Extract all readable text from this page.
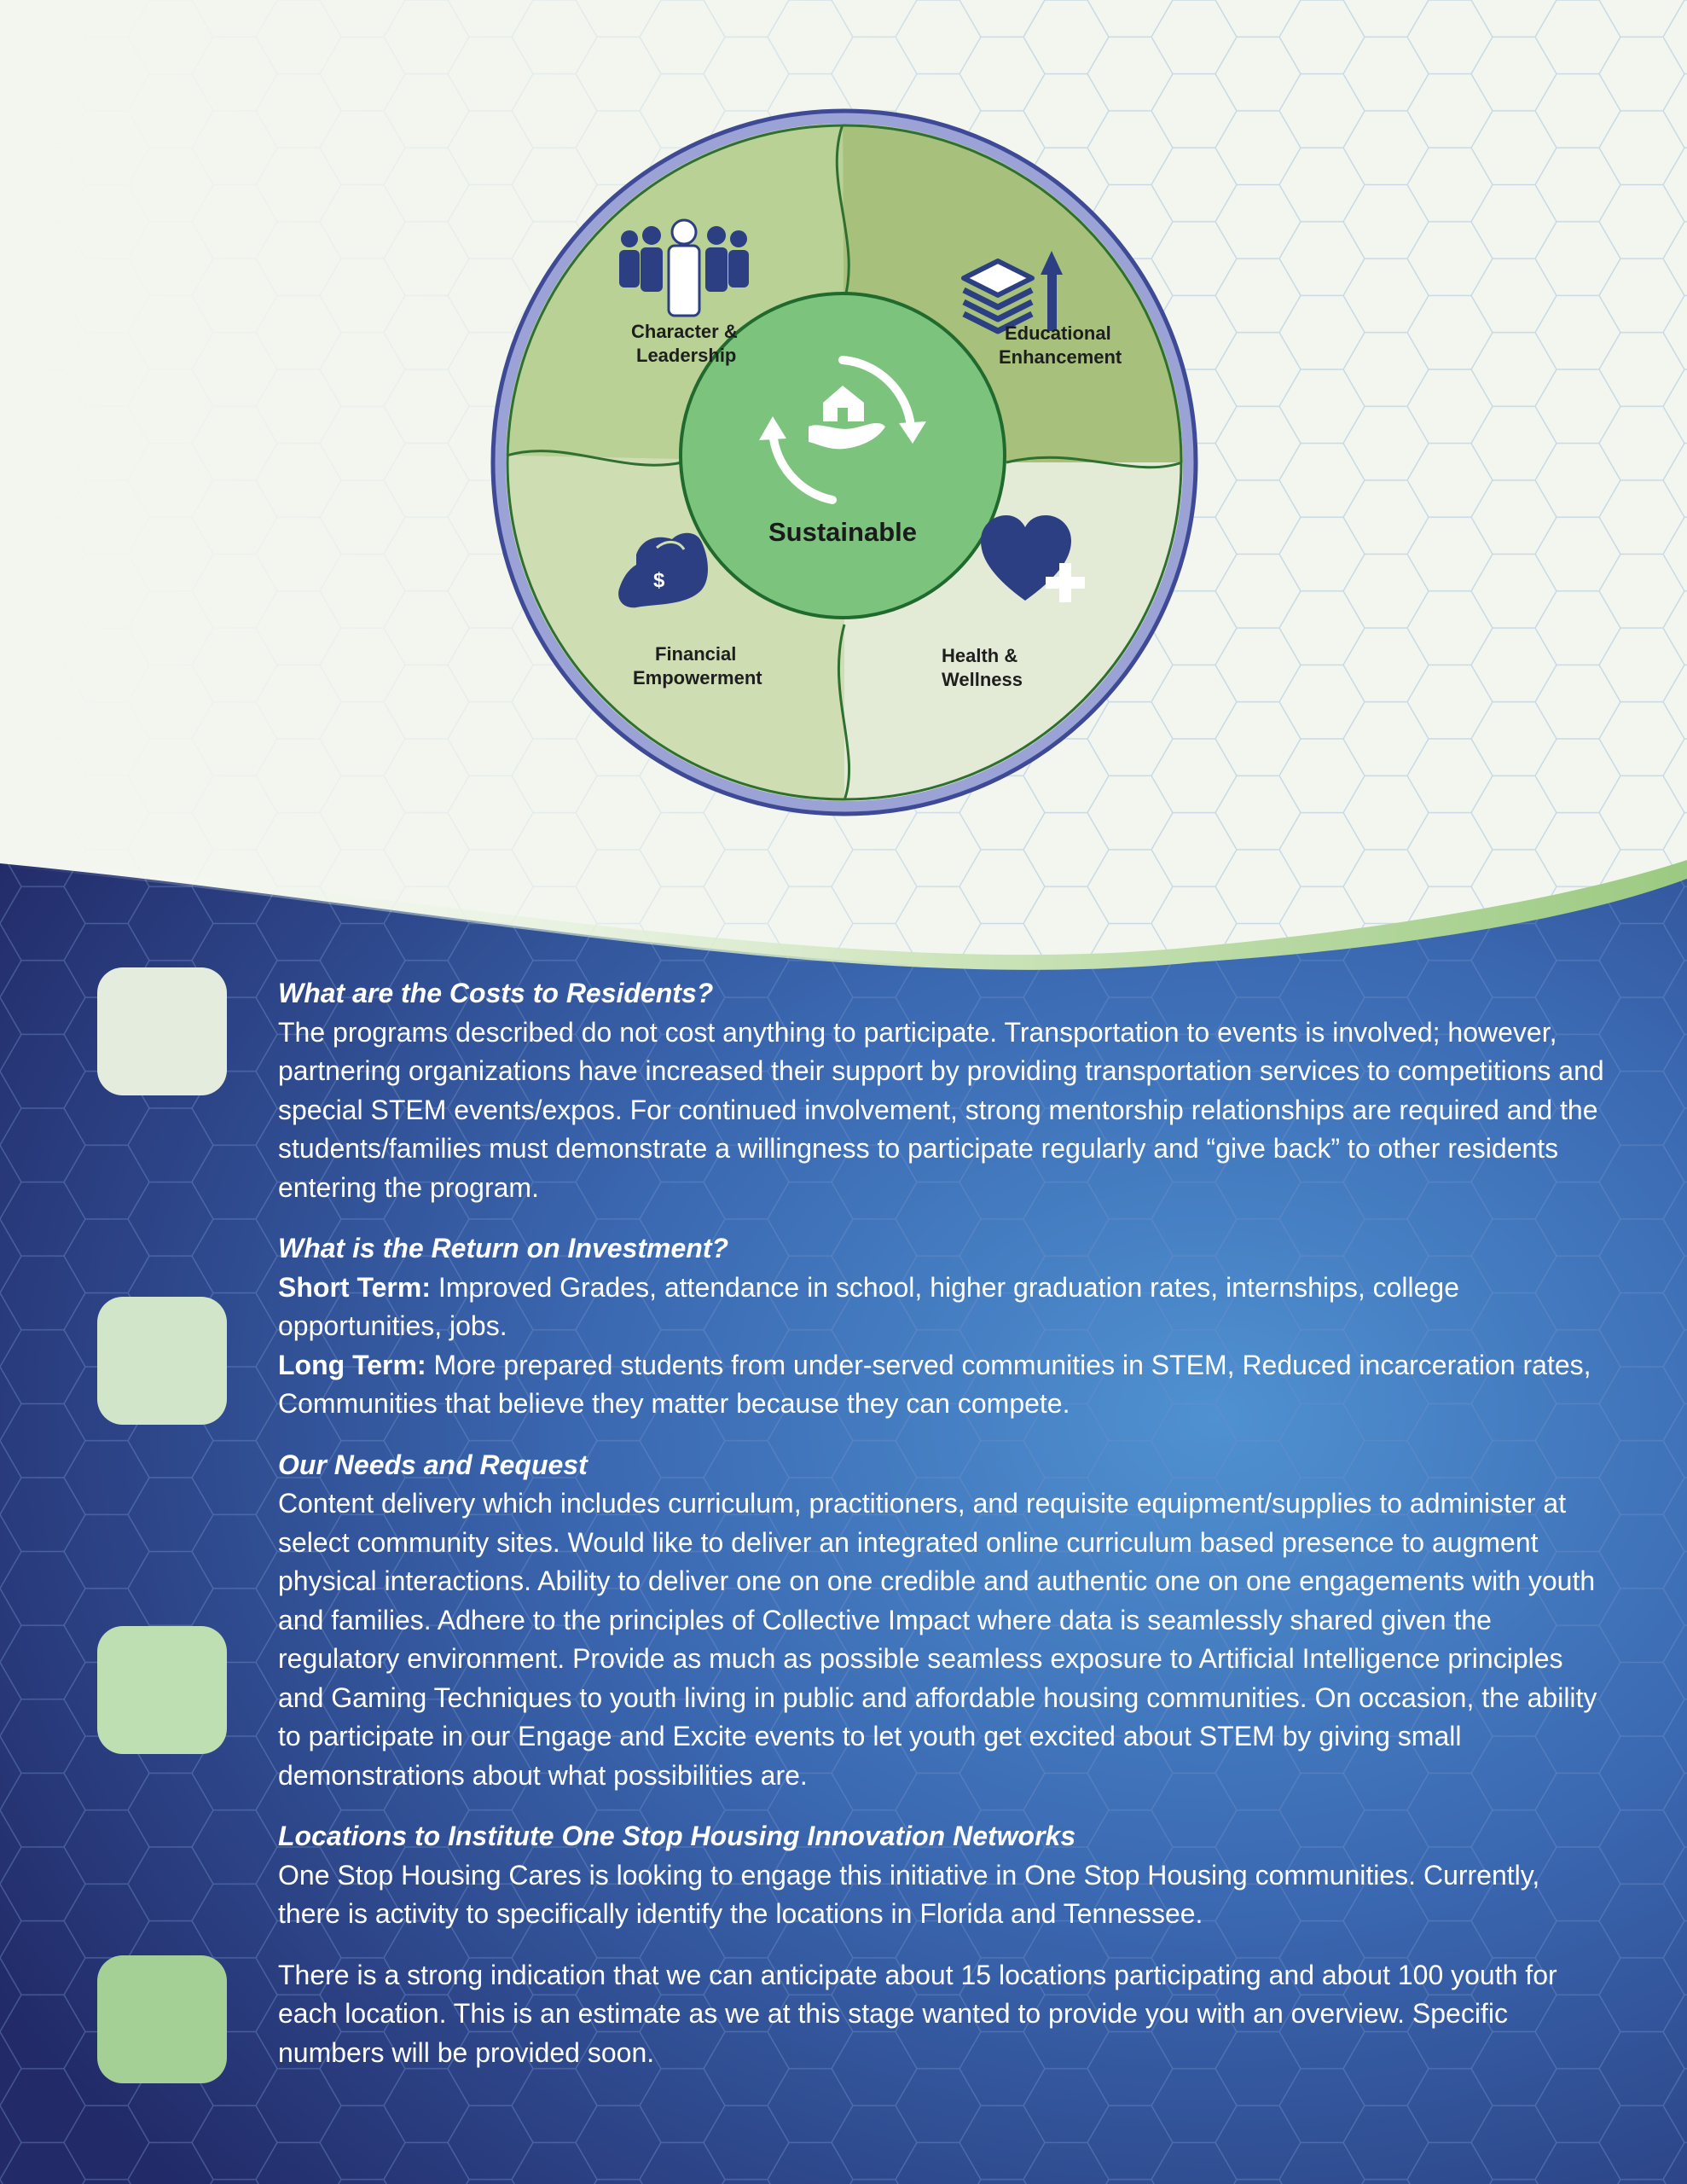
Sustainable
Character &
Leadership
Educational
Enhancement
Health &
Wellness
$
Financial
Empowerment
What are the Costs to Residents?
The programs described do not cost anything to participate. Transportation to events is involved; however, partnering organizations have increased their support by providing transportation services to competitions and special STEM events/expos. For continued involvement, strong mentorship relationships are required and the students/families must demonstrate a willingness to participate regularly and “give back” to other residents entering the program.
What is the Return on Investment?
Short Term: Improved Grades, attendance in school, higher graduation rates, internships, college opportunities, jobs.
Long Term: More prepared students from under-served communities in STEM, Reduced incarceration rates, Communities that believe they matter because they can compete.
Our Needs and Request
Content delivery which includes curriculum, practitioners, and requisite equipment/supplies to administer at select community sites. Would like to deliver an integrated online curriculum based presence to augment physical interactions. Ability to deliver one on one credible and authentic one on one engagements with youth and families. Adhere to the principles of Collective Impact where data is seamlessly shared given the regulatory environment. Provide as much as possible seamless exposure to Artificial Intelligence principles and Gaming Techniques to youth living in public and affordable housing communities. On occasion, the ability to participate in our Engage and Excite events to let youth get excited about STEM by giving small demonstrations about what possibilities are.
Locations to Institute One Stop Housing Innovation Networks
One Stop Housing Cares is looking to engage this initiative in One Stop Housing communities. Currently, there is activity to specifically identify the locations in Florida and Tennessee.
There is a strong indication that we can anticipate about 15 locations participating and about 100 youth for each location. This is an estimate as we at this stage wanted to provide you with an overview. Specific numbers will be provided soon.
